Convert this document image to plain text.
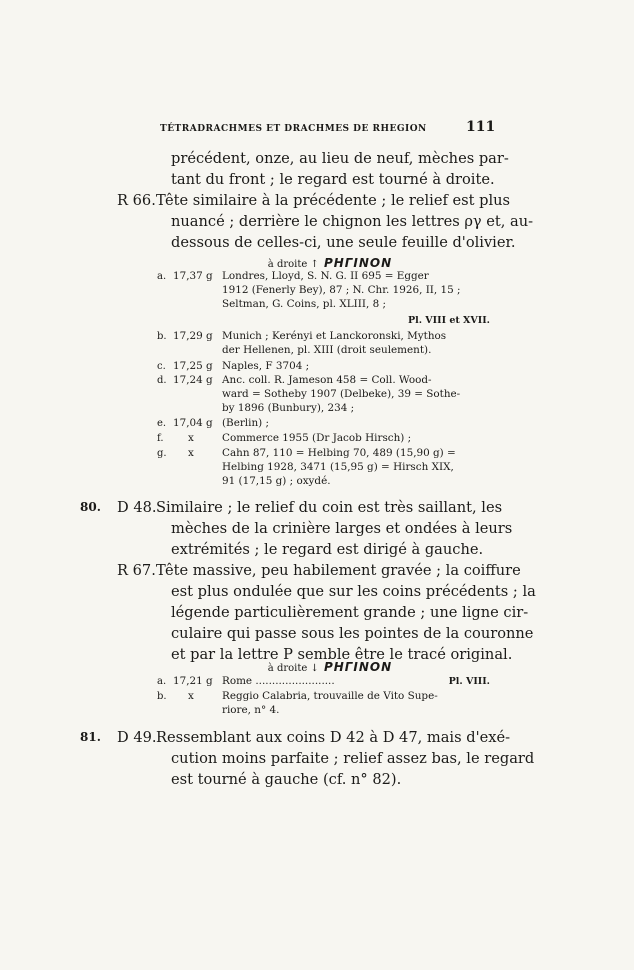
TÉTRADRACHMES ET DRACHMES DE RHEGION	111
précédent, onze, au lieu de neuf, mèches par-
tant du front ; le regard est tourné à droite.
R 66. Tête similaire à la précédente ; le relief est plus
nuancé ; derrière le chignon les lettres ργ et, au-
dessous de celles-ci, une seule feuille d'olivier.
à droite ↑ PHΓINON
a. 17,37 g Londres, Lloyd, S. N. G. II 695 = Egger
1912 (Fenerly Bey), 87 ; N. Chr. 1926, II, 15 ;
Seltman, G. Coins, pl. XLIII, 8 ;
Pl. VIII et XVII.
b. 17,29 g Munich ; Kerényi et Lanckoronski, Mythos
der Hellenen, pl. XIII (droit seulement).
c. 17,25 g Naples, F 3704 ;
d. 17,24 g Anc. coll. R. Jameson 458 = Coll. Wood-
ward = Sotheby 1907 (Delbeke), 39 = Sothe-
by 1896 (Bunbury), 234 ;
e. 17,04 g (Berlin) ;
f. x	Commerce 1955 (Dr Jacob Hirsch) ;
g. x	Cahn 87, 110 = Helbing 70, 489 (15,90 g) =
Helbing 1928, 3471 (15,95 g) = Hirsch XIX,
91 (17,15 g) ; oxydé.
80. D 48. Similaire ; le relief du coin est très saillant, les
mèches de la crinière larges et ondées à leurs
extrémités ; le regard est dirigé à gauche.
R 67. Tête massive, peu habilement gravée ; la coiffure
est plus ondulée que sur les coins précédents ; la
légende particulièrement grande ; une ligne cir-
culaire qui passe sous les pointes de la couronne
et par la lettre P semble être le tracé original.
à droite ↓ PHΓINON
a. 17,21 g Rome ........................	Pl. VIII.
b. x	Reggio Calabria, trouvaille de Vito Supe-
riore, n° 4.
81. D 49. Ressemblant aux coins D 42 à D 47, mais d'exé-
cution moins parfaite ; relief assez bas, le regard
est tourné à gauche (cf. n° 82).
